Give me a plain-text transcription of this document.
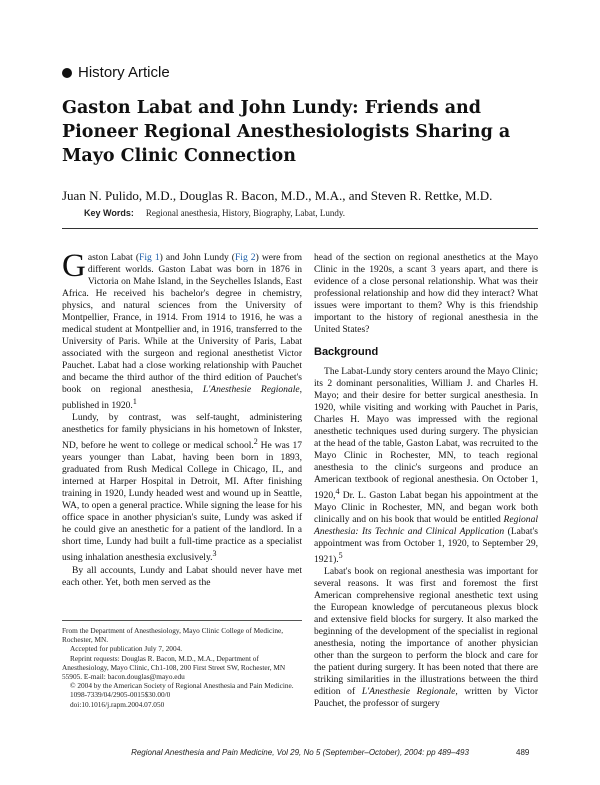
History Article
Gaston Labat and John Lundy: Friends and Pioneer Regional Anesthesiologists Sharing a Mayo Clinic Connection
Juan N. Pulido, M.D., Douglas R. Bacon, M.D., M.A., and Steven R. Rettke, M.D.
Key Words: Regional anesthesia, History, Biography, Labat, Lundy.

Gaston Labat (Fig 1) and John Lundy (Fig 2) were from different worlds. Gaston Labat was born in 1876 in Victoria on Mahe Island, in the Seychelles Islands, East Africa. He received his bachelor's degree in chemistry, physics, and natural sciences from the University of Montpellier, France, in 1914. From 1914 to 1916, he was a medical student at Montpellier and, in 1916, transferred to the University of Paris. While at the University of Paris, Labat associated with the surgeon and regional anesthetist Victor Pauchet. Labat had a close working relationship with Pauchet and became the third author of the third edition of Pauchet's book on regional anesthesia, L'Anesthesie Regionale, published in 1920.$^1$

Lundy, by contrast, was self-taught, administering anesthetics for family physicians in his hometown of Inkster, ND, before he went to college or medical school.$^2$ He was 17 years younger than Labat, having been born in 1893, graduated from Rush Medical College in Chicago, IL, and interned at Harper Hospital in Detroit, MI. After finishing training in 1920, Lundy headed west and wound up in Seattle, WA, to open a general practice. While signing the lease for his office space in another physician's suite, Lundy was asked if he could give an anesthetic for a patient of the landlord. In a short time, Lundy had built a full-time practice as a specialist using inhalation anesthesia exclusively.$^3$

By all accounts, Lundy and Labat should never have met each other. Yet, both men served as the

head of the section on regional anesthetics at the Mayo Clinic in the 1920s, a scant 3 years apart, and there is evidence of a close personal relationship. What was their professional relationship and how did they interact? What issues were important to them? Why is this friendship important to the history of regional anesthesia in the United States?

Background

The Labat-Lundy story centers around the Mayo Clinic; its 2 dominant personalities, William J. and Charles H. Mayo; and their desire for better surgical anesthesia. In 1920, while visiting and working with Pauchet in Paris, Charles H. Mayo was impressed with the regional anesthetic techniques used during surgery. The physician at the head of the table, Gaston Labat, was recruited to the Mayo Clinic in Rochester, MN, to teach regional anesthesia to the clinic's surgeons and produce an American textbook of regional anesthesia. On October 1, 1920,$^4$ Dr. L. Gaston Labat began his appointment at the Mayo Clinic in Rochester, MN, and began work both clinically and on his book that would be entitled Regional Anesthesia: Its Technic and Clinical Application (Labat's appointment was from October 1, 1920, to September 29, 1921).$^5$

Labat's book on regional anesthesia was important for several reasons. It was first and foremost the first American comprehensive regional anesthetic text using the European knowledge of percutaneous plexus block and extensive field blocks for surgery. It also marked the beginning of the development of the specialist in regional anesthesia, noting the importance of another physician other than the surgeon to perform the block and care for the patient during surgery. It has been noted that there are striking similarities in the illustrations between the third edition of L'Anesthesie Regionale, written by Victor Pauchet, the professor of surgery

From the Department of Anesthesiology, Mayo Clinic College of Medicine, Rochester, MN.
Accepted for publication July 7, 2004.
Reprint requests: Douglas R. Bacon, M.D., M.A., Department of Anesthesiology, Mayo Clinic, Ch1-108, 200 First Street SW, Rochester, MN 55905. E-mail: bacon.douglas@mayo.edu
© 2004 by the American Society of Regional Anesthesia and Pain Medicine.
1098-7339/04/2905-0015$30.00/0
doi:10.1016/j.rapm.2004.07.050
Regional Anesthesia and Pain Medicine, Vol 29, No 5 (September–October), 2004: pp 489–493	489
